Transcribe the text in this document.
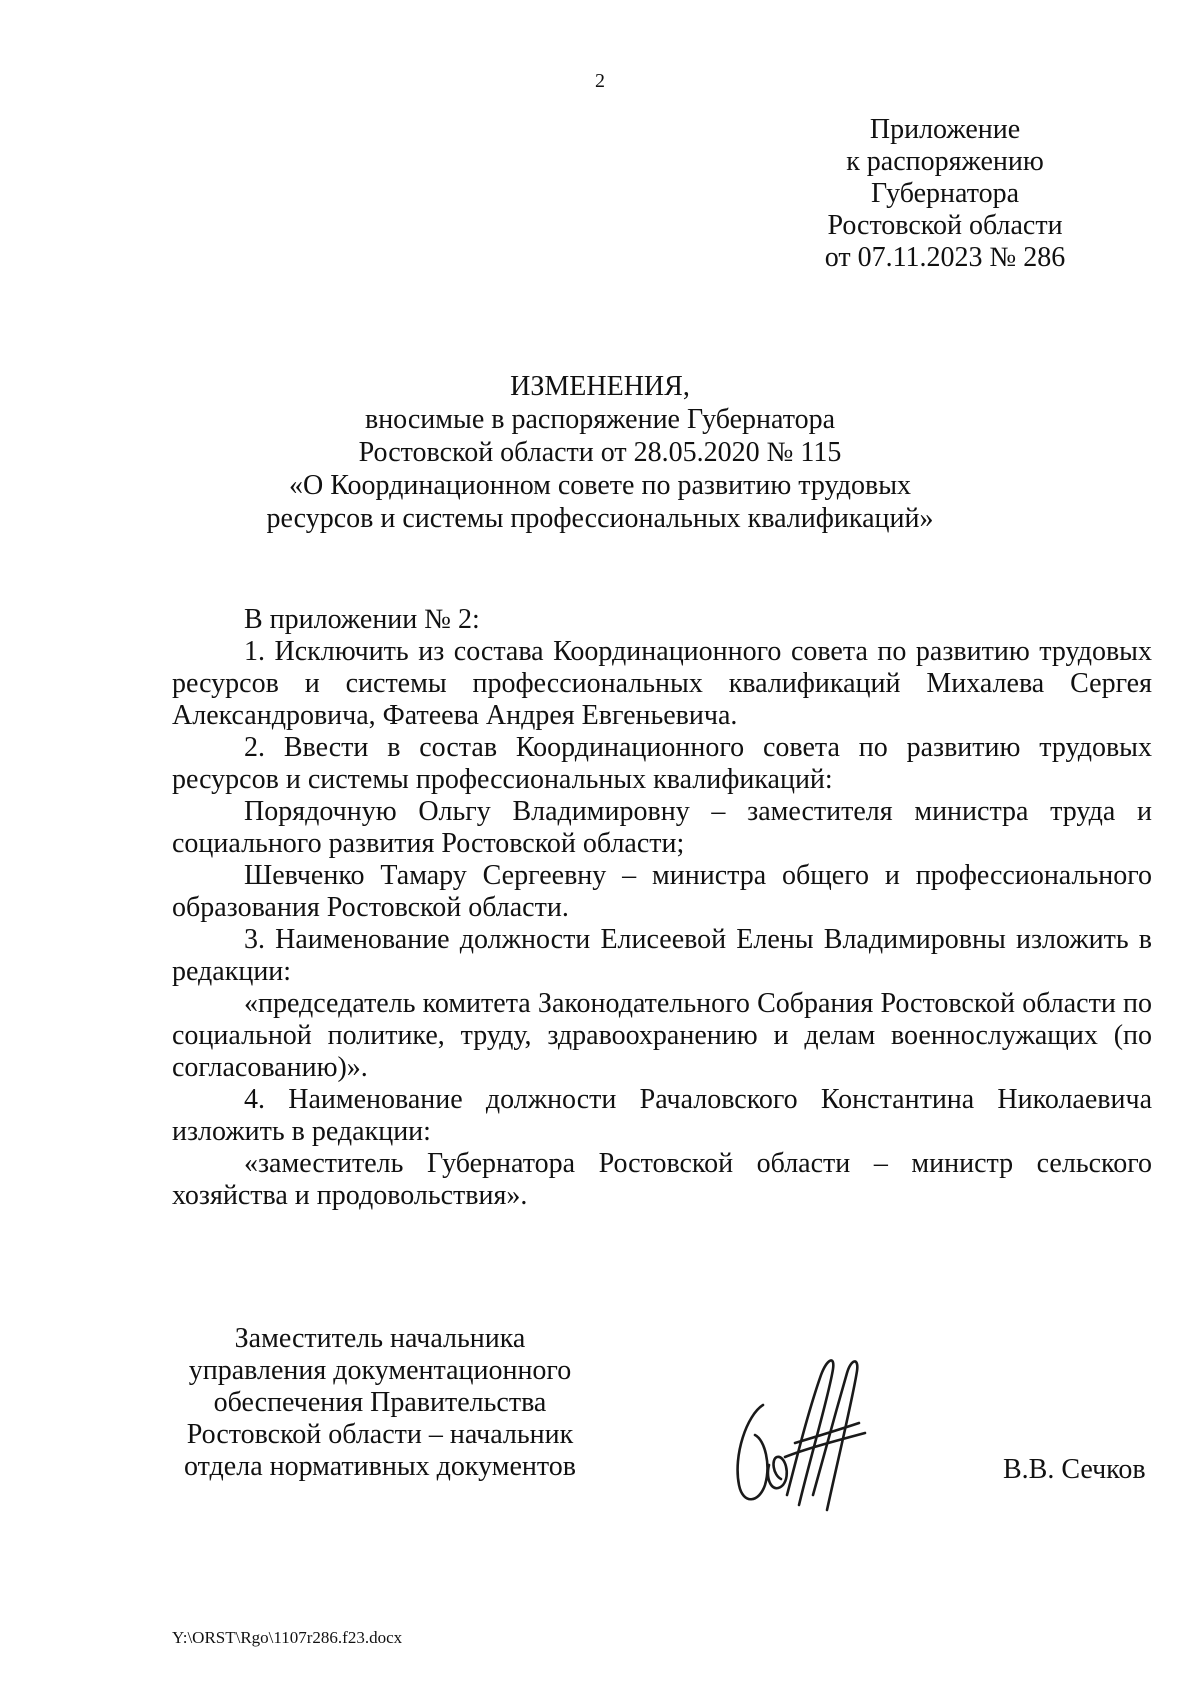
2
Приложение
к распоряжению
Губернатора
Ростовской области
от 07.11.2023 № 286
ИЗМЕНЕНИЯ,
вносимые в распоряжение Губернатора
Ростовской области от 28.05.2020 № 115
«О Координационном совете по развитию трудовых
ресурсов и системы профессиональных квалификаций»

В приложении № 2:

1. Исключить из состава Координационного совета по развитию трудовых ресурсов и системы профессиональных квалификаций Михалева Сергея Александровича, Фатеева Андрея Евгеньевича.

2. Ввести в состав Координационного совета по развитию трудовых ресурсов и системы профессиональных квалификаций:

Порядочную Ольгу Владимировну – заместителя министра труда и социального развития Ростовской области;

Шевченко Тамару Сергеевну – министра общего и профессионального образования Ростовской области.

3. Наименование должности Елисеевой Елены Владимировны изложить в редакции:

«председатель комитета Законодательного Собрания Ростовской области по социальной политике, труду, здравоохранению и делам военнослужащих (по согласованию)».

4. Наименование должности Рачаловского Константина Николаевича изложить в редакции:

«заместитель Губернатора Ростовской области – министр сельского хозяйства и продовольствия».

Заместитель начальника
управления документационного
обеспечения Правительства
Ростовской области – начальник
отдела нормативных документов	В.В. Сечков
Y:\ORST\Rgo\1107r286.f23.docx
